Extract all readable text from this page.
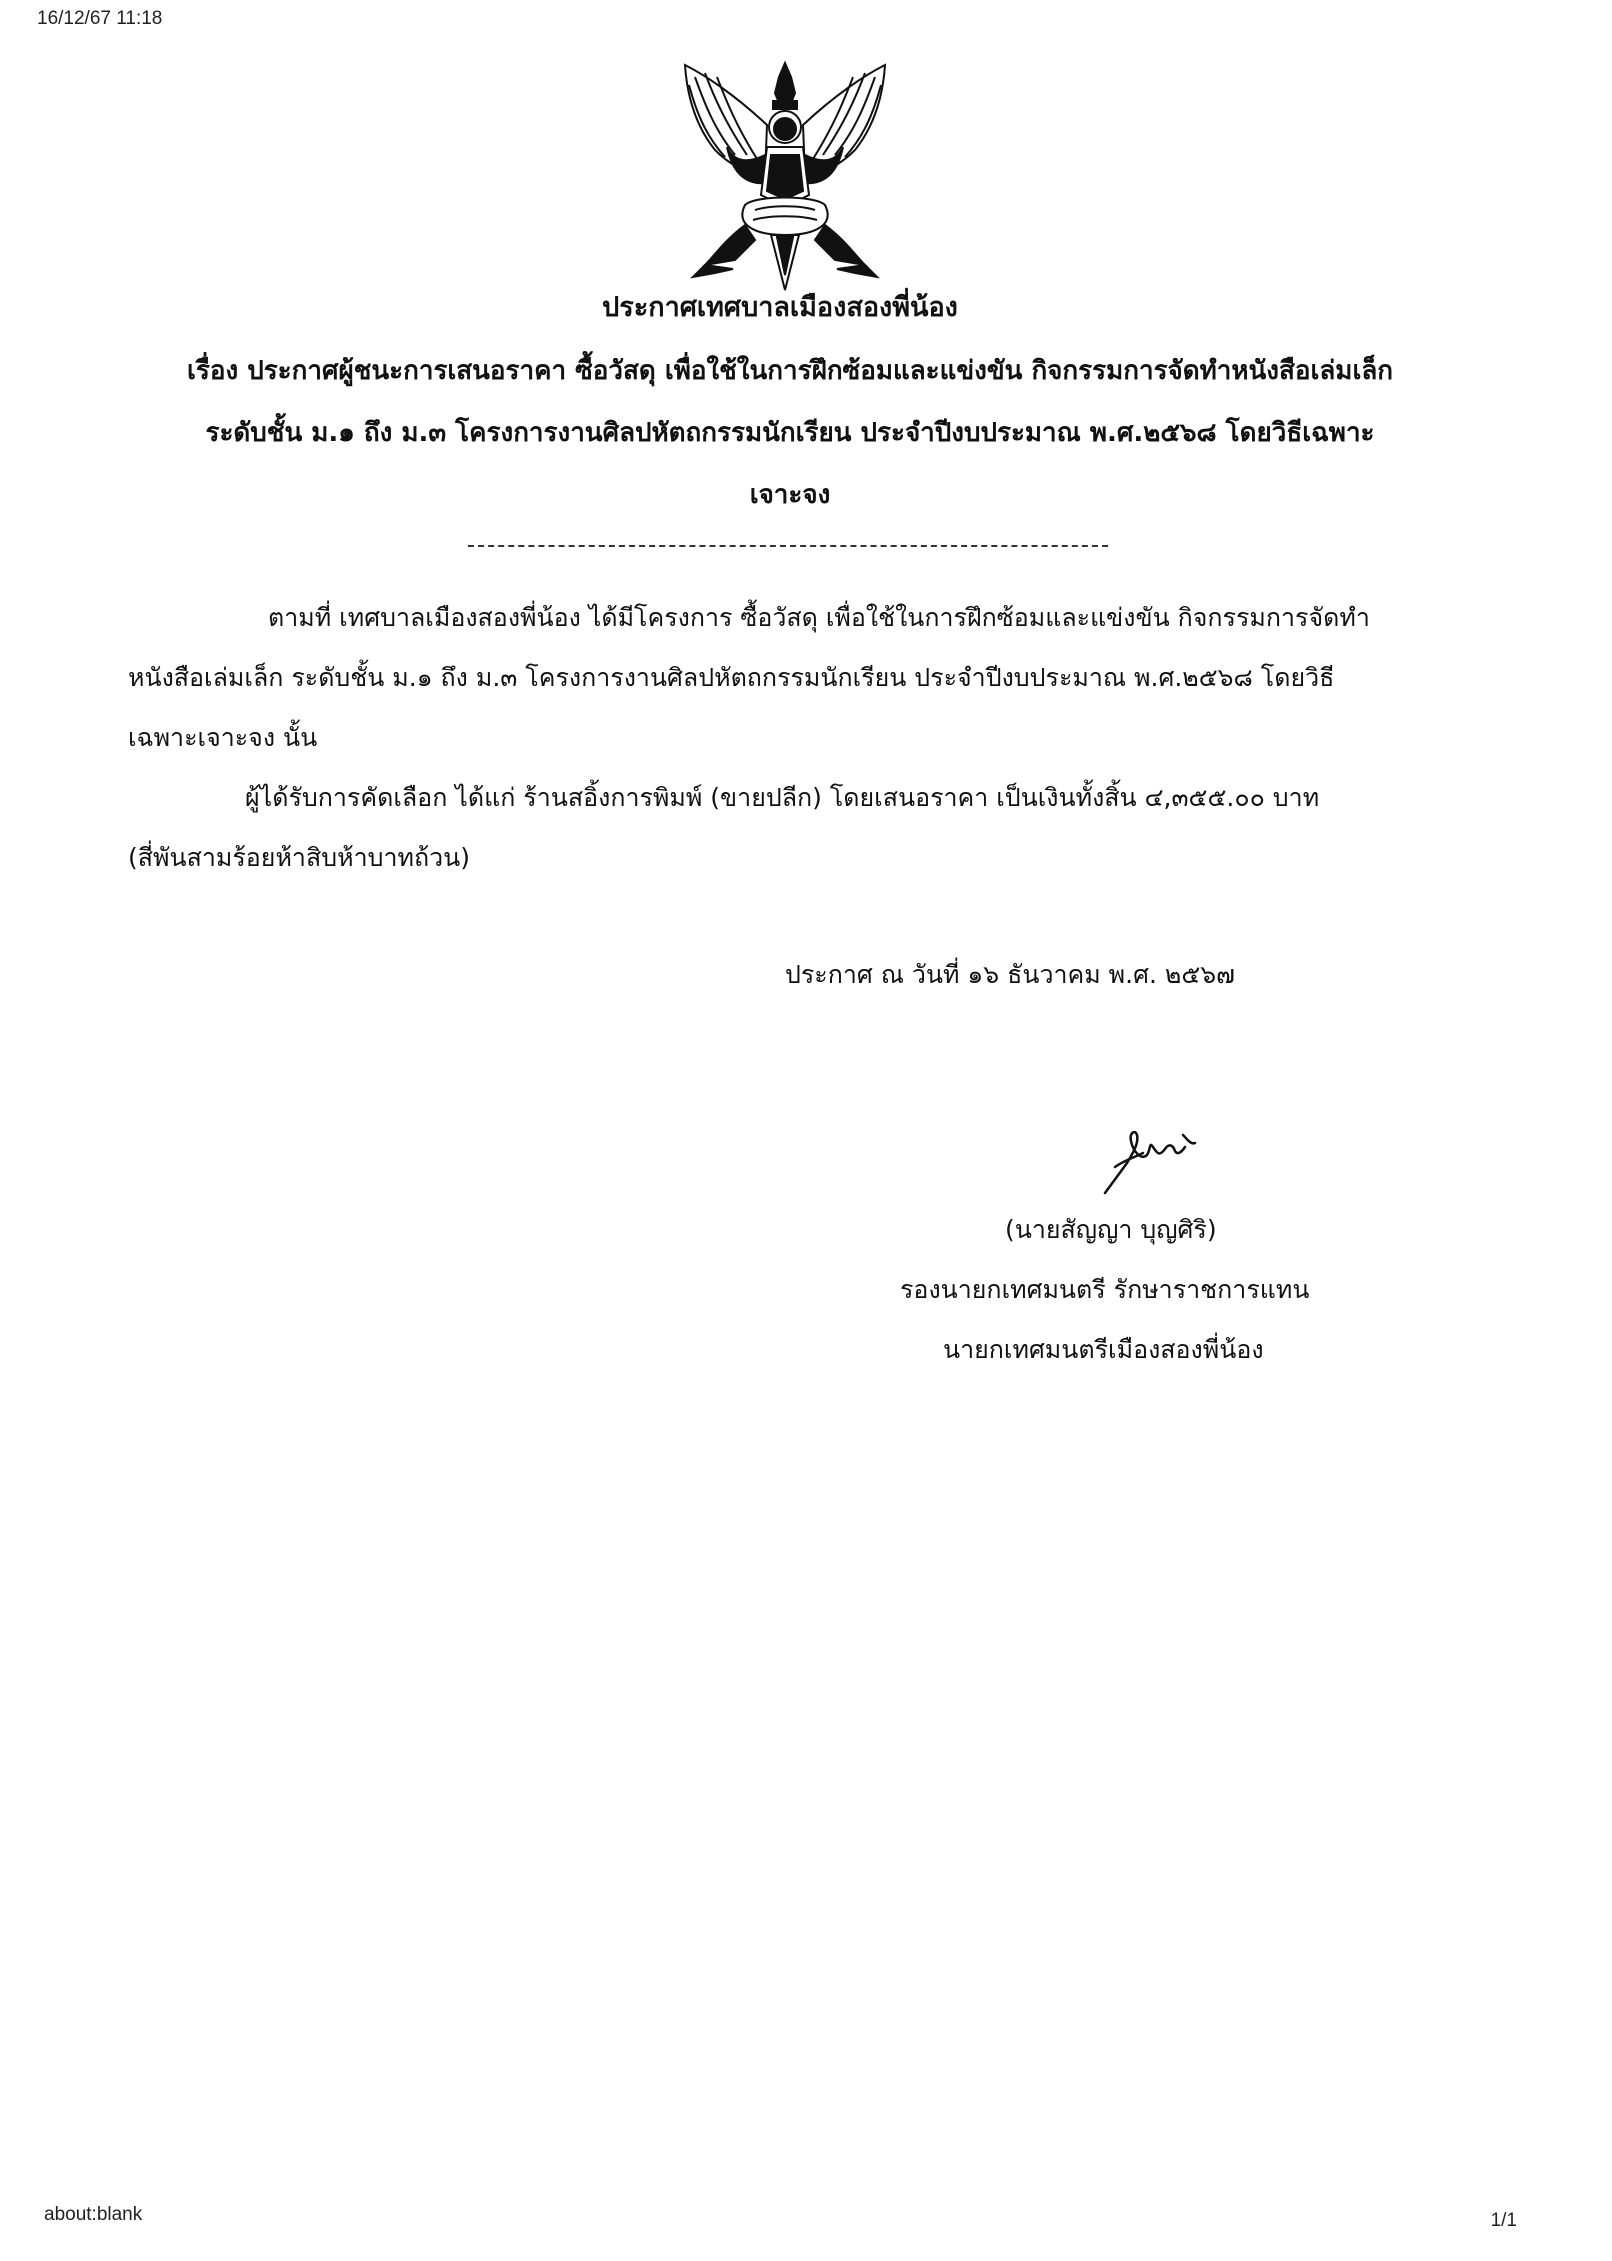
16/12/67 11:18
ประกาศเทศบาลเมืองสองพี่น้อง
เรื่อง ประกาศผู้ชนะการเสนอราคา ซื้อวัสดุ เพื่อใช้ในการฝึกซ้อมและแข่งขัน กิจกรรมการจัดทำหนังสือเล่มเล็ก
ระดับชั้น ม.๑ ถึง ม.๓ โครงการงานศิลปหัตถกรรมนักเรียน ประจำปีงบประมาณ พ.ศ.๒๕๖๘ โดยวิธีเฉพาะ
เจาะจง
ตามที่ เทศบาลเมืองสองพี่น้อง ได้มีโครงการ ซื้อวัสดุ เพื่อใช้ในการฝึกซ้อมและแข่งขัน กิจกรรมการจัดทำ
หนังสือเล่มเล็ก ระดับชั้น ม.๑ ถึง ม.๓ โครงการงานศิลปหัตถกรรมนักเรียน ประจำปีงบประมาณ พ.ศ.๒๕๖๘ โดยวิธี
เฉพาะเจาะจง นั้น
ผู้ได้รับการคัดเลือก ได้แก่ ร้านสอิ้งการพิมพ์ (ขายปลีก) โดยเสนอราคา เป็นเงินทั้งสิ้น ๔,๓๕๕.๐๐ บาท
(สี่พันสามร้อยห้าสิบห้าบาทถ้วน)
ประกาศ ณ วันที่ ๑๖ ธันวาคม พ.ศ. ๒๕๖๗
(นายสัญญา บุญศิริ)
รองนายกเทศมนตรี รักษาราชการแทน
นายกเทศมนตรีเมืองสองพี่น้อง
about:blank	1/1
